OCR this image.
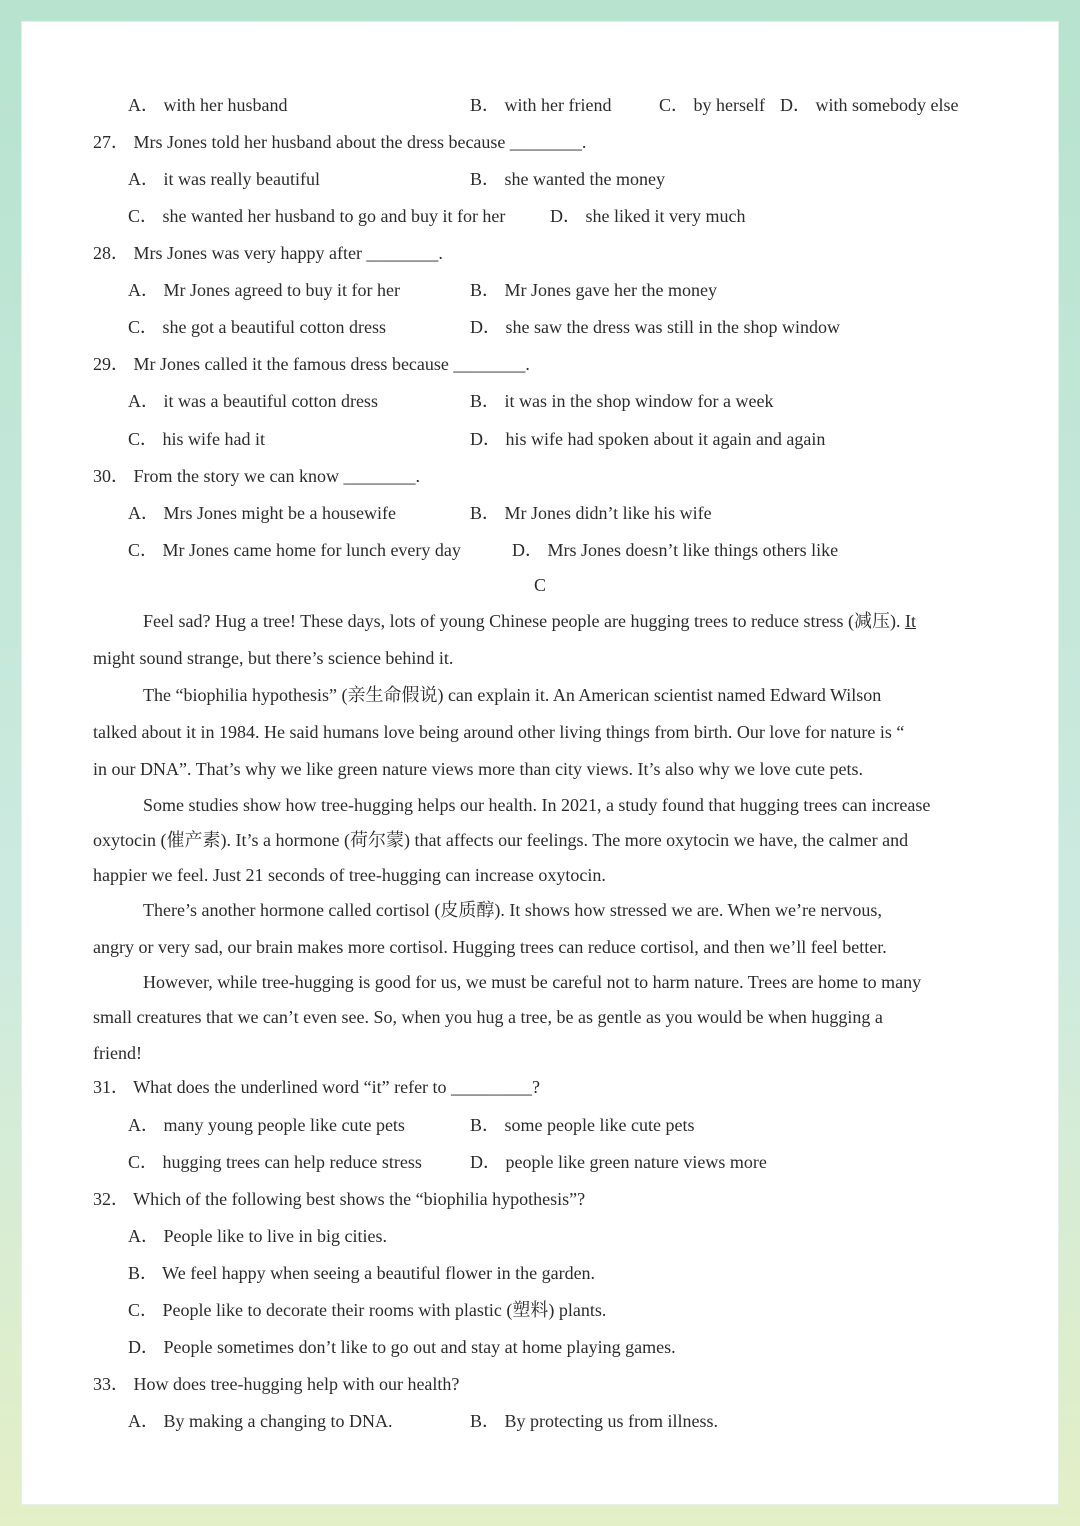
A． with her husband	B． with her friend	C． by herself D． with somebody else
27． Mrs Jones told her husband about the dress because ________.
A． it was really beautiful	B． she wanted the money
C． she wanted her husband to go and buy it for her D． she liked it very much
28． Mrs Jones was very happy after ________.
A． Mr Jones agreed to buy it for her	B． Mr Jones gave her the money
C． she got a beautiful cotton dress	D． she saw the dress was still in the shop window
29． Mr Jones called it the famous dress because ________.
A． it was a beautiful cotton dress	B． it was in the shop window for a week
C． his wife had it	D． his wife had spoken about it again and again
30． From the story we can know ________.
A． Mrs Jones might be a housewife	B． Mr Jones didn’t like his wife
C． Mr Jones came home for lunch every day	D． Mrs Jones doesn’t like things others like
C
Feel sad? Hug a tree! These days, lots of young Chinese people are hugging trees to reduce stress (减压). It
might sound strange, but there’s science behind it.
The “biophilia hypothesis” (亲生命假说) can explain it. An American scientist named Edward Wilson
talked about it in 1984. He said humans love being around other living things from birth. Our love for nature is “
in our DNA”. That’s why we like green nature views more than city views. It’s also why we love cute pets.
Some studies show how tree-hugging helps our health. In 2021, a study found that hugging trees can increase
oxytocin (催产素). It’s a hormone (荷尔蒙) that affects our feelings. The more oxytocin we have, the calmer and
happier we feel. Just 21 seconds of tree-hugging can increase oxytocin.
There’s another hormone called cortisol (皮质醇). It shows how stressed we are. When we’re nervous,
angry or very sad, our brain makes more cortisol. Hugging trees can reduce cortisol, and then we’ll feel better.
However, while tree-hugging is good for us, we must be careful not to harm nature. Trees are home to many
small creatures that we can’t even see. So, when you hug a tree, be as gentle as you would be when hugging a
friend!
31． What does the underlined word “it” refer to _________?
A． many young people like cute pets	B． some people like cute pets
C． hugging trees can help reduce stress	D． people like green nature views more
32． Which of the following best shows the “biophilia hypothesis”?
A． People like to live in big cities.
B． We feel happy when seeing a beautiful flower in the garden.
C． People like to decorate their rooms with plastic (塑料) plants.
D． People sometimes don’t like to go out and stay at home playing games.
33． How does tree-hugging help with our health?
A． By making a changing to DNA.	B． By protecting us from illness.
